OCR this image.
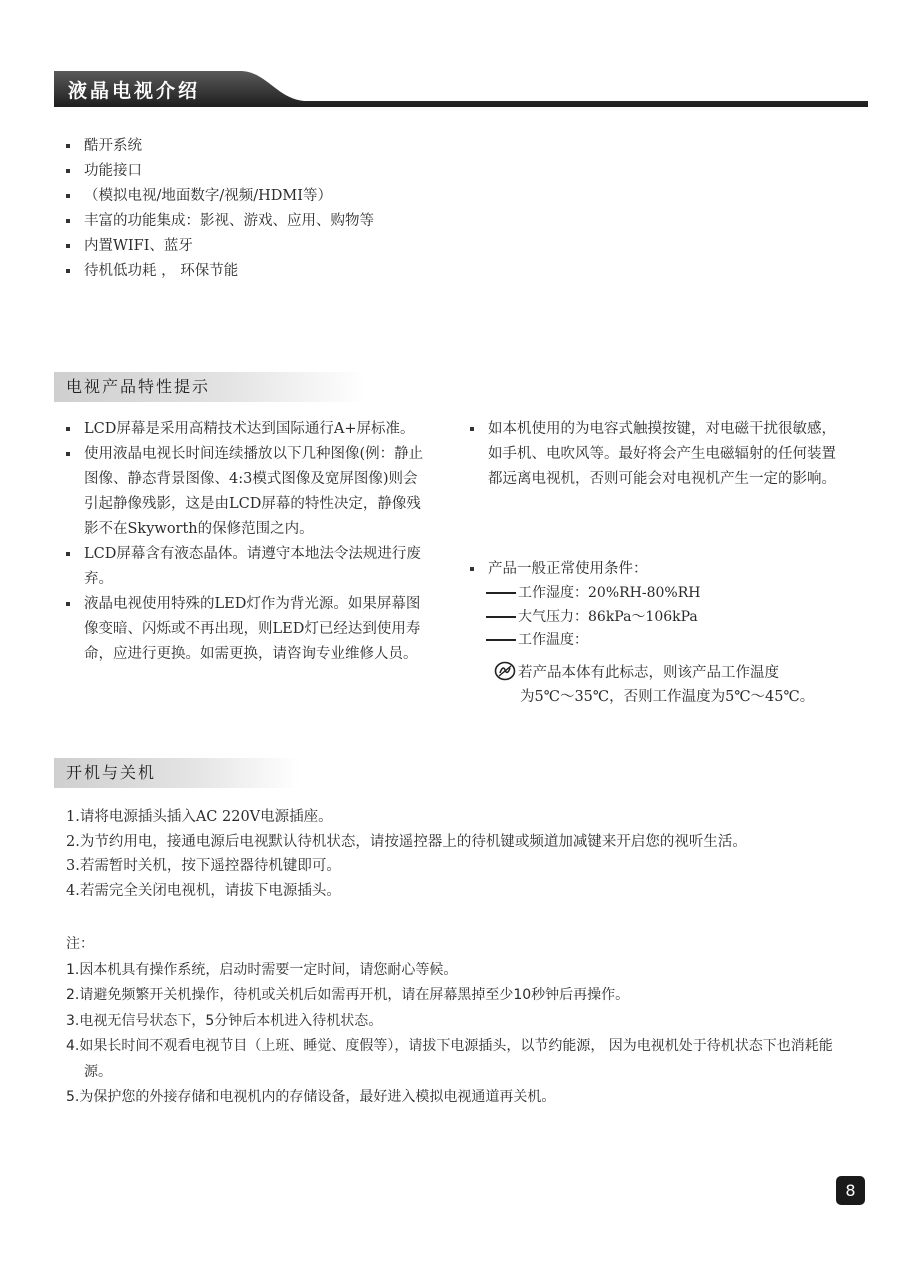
液晶电视介绍
酷开系统
功能接口
（模拟电视/地面数字/视频/HDMI等）
丰富的功能集成：影视、游戏、应用、购物等
内置WIFI、蓝牙
待机低功耗 ， 环保节能
电视产品特性提示
LCD屏幕是采用高精技术达到国际通行A+屏标准。
使用液晶电视长时间连续播放以下几种图像(例：静止图像、静态背景图像、4:3模式图像及宽屏图像)则会引起静像残影，这是由LCD屏幕的特性决定，静像残影不在Skyworth的保修范围之内。
LCD屏幕含有液态晶体。请遵守本地法令法规进行废弃。
液晶电视使用特殊的LED灯作为背光源。如果屏幕图像变暗、闪烁或不再出现，则LED灯已经达到使用寿命，应进行更换。如需更换，请咨询专业维修人员。
如本机使用的为电容式触摸按键，对电磁干扰很敏感，如手机、电吹风等。最好将会产生电磁辐射的任何装置都远离电视机，否则可能会对电视机产生一定的影响。
产品一般正常使用条件：
工作湿度：20%RH-80%RH
大气压力：86kPa～106kPa
工作温度：
若产品本体有此标志，则该产品工作温度
为5℃～35℃，否则工作温度为5℃～45℃。
开机与关机
1.请将电源插头插入AC 220V电源插座。
2.为节约用电，接通电源后电视默认待机状态，请按遥控器上的待机键或频道加减键来开启您的视听生活。
3.若需暂时关机，按下遥控器待机键即可。
4.若需完全关闭电视机，请拔下电源插头。
注：
1.因本机具有操作系统，启动时需要一定时间，请您耐心等候。
2.请避免频繁开关机操作，待机或关机后如需再开机，请在屏幕黑掉至少10秒钟后再操作。
3.电视无信号状态下，5分钟后本机进入待机状态。
4.如果长时间不观看电视节目（上班、睡觉、度假等），请拔下电源插头，以节约能源， 因为电视机处于待机状态下也消耗能源。
5.为保护您的外接存储和电视机内的存储设备，最好进入模拟电视通道再关机。
8
